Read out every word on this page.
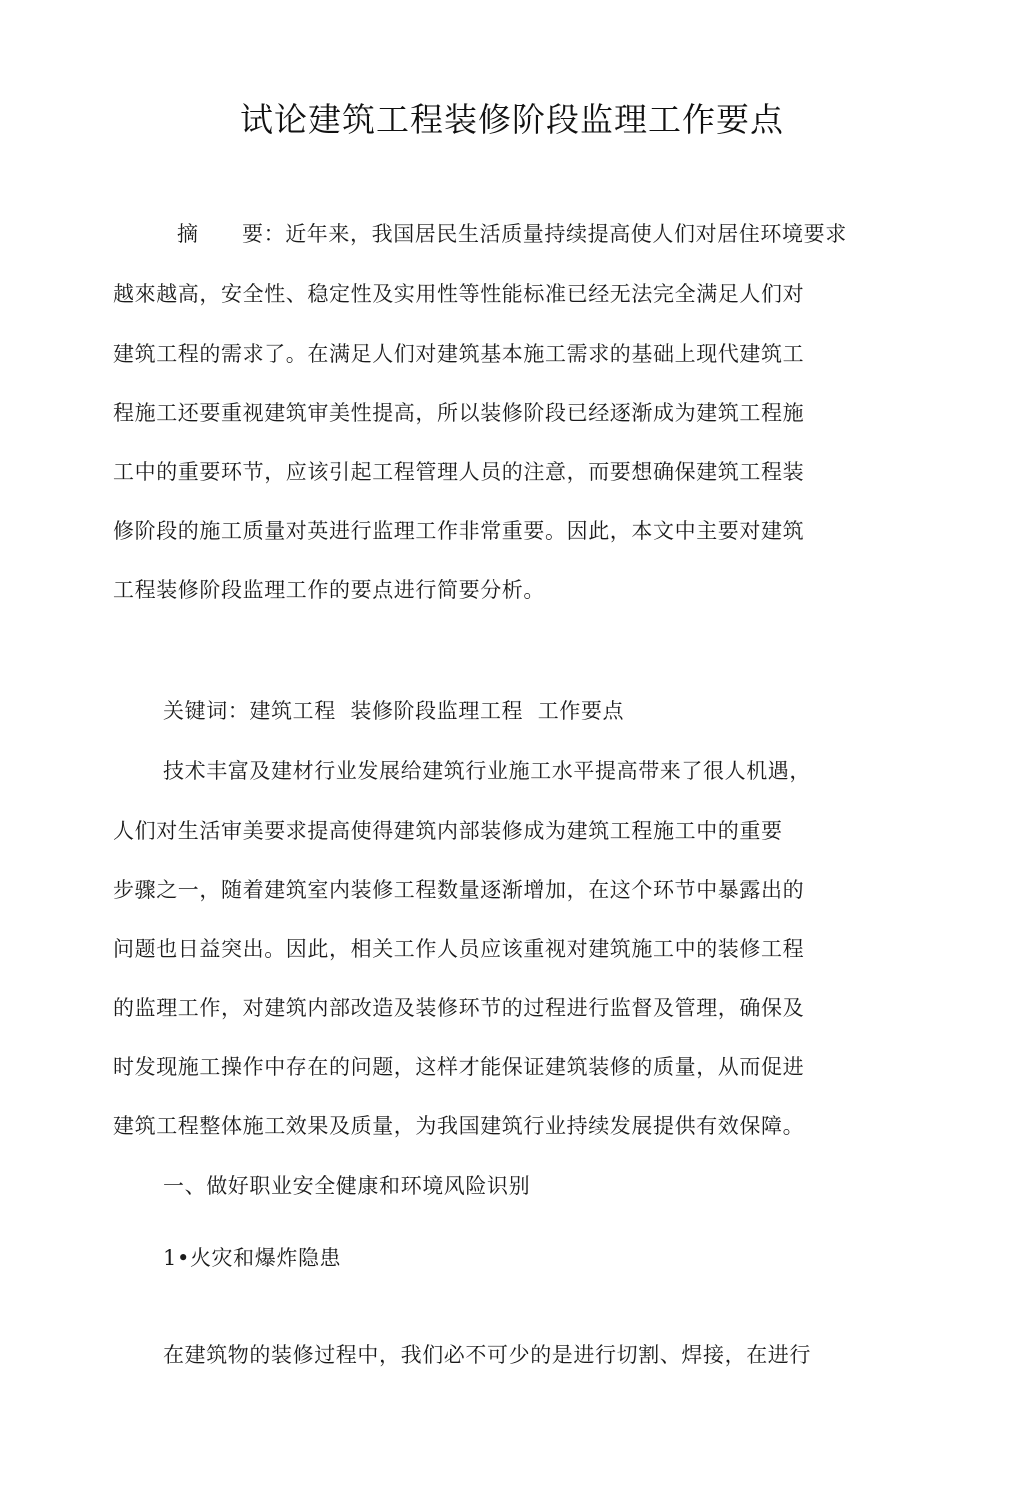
试论建筑工程装修阶段监理工作要点
摘 要：近年来，我国居民生活质量持续提高使人们对居住环境要求
越來越高，安全性、稳定性及实用性等性能标准已经无法完全满足人们对
建筑工程的需求了。在满足人们对建筑基本施工需求的基础上现代建筑工
程施工还要重视建筑审美性提高，所以装修阶段已经逐渐成为建筑工程施
工中的重要环节，应该引起工程管理人员的注意，而要想确保建筑工程装
修阶段的施工质量对英进行监理工作非常重要。因此，本文中主要对建筑
工程装修阶段监理工作的要点进行简要分析。
关键词：建筑工程  装修阶段监理工程  工作要点
技术丰富及建材行业发展给建筑行业施工水平提高带来了很人机遇，
人们对生活审美要求提高使得建筑内部装修成为建筑工程施工中的重要
步骤之一，随着建筑室内装修工程数量逐渐增加，在这个环节中暴露出的
问题也日益突出。因此，相关工作人员应该重视对建筑施工中的装修工程
的监理工作，对建筑内部改造及装修环节的过程进行监督及管理，确保及
时发现施工操作中存在的问题，这样才能保证建筑装修的质量，从而促进
建筑工程整体施工效果及质量，为我国建筑行业持续发展提供有效保障。
一、做好职业安全健康和环境风险识别
1•火灾和爆炸隐患
在建筑物的装修过程中，我们必不可少的是进行切割、焊接，在进行
